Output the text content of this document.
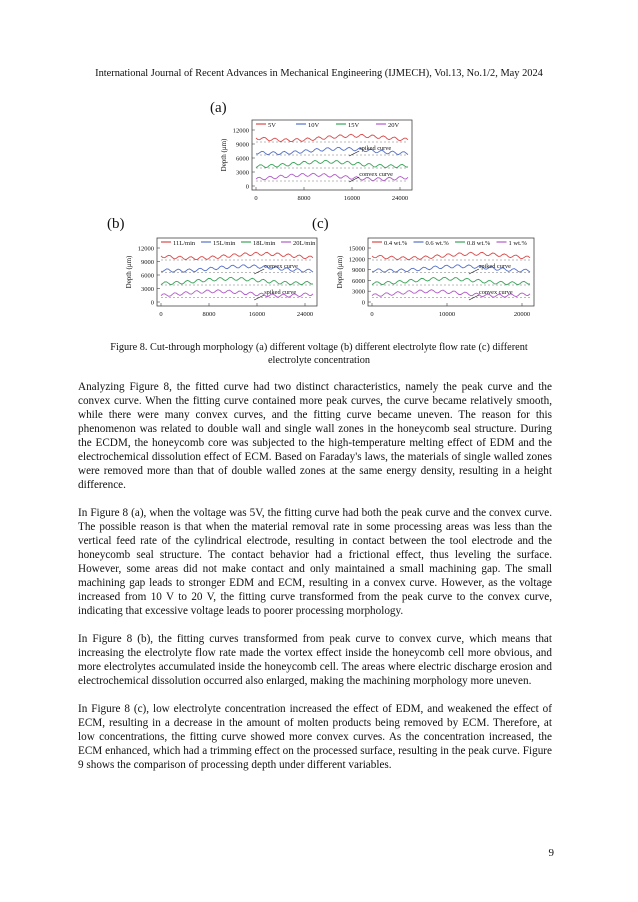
International Journal of Recent Advances in Mechanical Engineering (IJMECH), Vol.13, No.1/2, May 2024
(a)
5V	10V	15V	20V
12000
9000
6000
3000
0
0	8000	16000	24000
Depth (μm)	spiked curve
convex curve
(b)
11L/min	15L/min	18L/min	20L/min
12000
9000
6000
3000
0
0	8000	16000	24000
Depth (μm)	convex curve
spiked curve
(c)
0.4 wt.%	0.6 wt.%	0.8 wt.%	1 wt.%
15000
12000
9000
6000
3000
0
0	10000	20000
Depth (μm)	spiked curve
convex curve
Figure 8. Cut-through morphology (a) different voltage (b) different electrolyte flow rate (c) different
electrolyte concentration

Analyzing Figure 8, the fitted curve had two distinct characteristics, namely the peak curve and the convex curve. When the fitting curve contained more peak curves, the curve became relatively smooth, while there were many convex curves, and the fitting curve became uneven. The reason for this phenomenon was related to double wall and single wall zones in the honeycomb seal structure. During the ECDM, the honeycomb core was subjected to the high-temperature melting effect of EDM and the electrochemical dissolution effect of ECM. Based on Faraday's laws, the materials of single walled zones were removed more than that of double walled zones at the same energy density, resulting in a height difference.

In Figure 8 (a), when the voltage was 5V, the fitting curve had both the peak curve and the convex curve. The possible reason is that when the material removal rate in some processing areas was less than the vertical feed rate of the cylindrical electrode, resulting in contact between the tool electrode and the honeycomb seal structure. The contact behavior had a frictional effect, thus leveling the surface. However, some areas did not make contact and only maintained a small machining gap. The small machining gap leads to stronger EDM and ECM, resulting in a convex curve. However, as the voltage increased from 10 V to 20 V, the fitting curve transformed from the peak curve to the convex curve, indicating that excessive voltage leads to poorer processing morphology.

In Figure 8 (b), the fitting curves transformed from peak curve to convex curve, which means that increasing the electrolyte flow rate made the vortex effect inside the honeycomb cell more obvious, and more electrolytes accumulated inside the honeycomb cell. The areas where electric discharge erosion and electrochemical dissolution occurred also enlarged, making the machining morphology more uneven.

In Figure 8 (c), low electrolyte concentration increased the effect of EDM, and weakened the effect of ECM, resulting in a decrease in the amount of molten products being removed by ECM. Therefore, at low concentrations, the fitting curve showed more convex curves. As the concentration increased, the ECM enhanced, which had a trimming effect on the processed surface, resulting in the peak curve. Figure 9 shows the comparison of processing depth under different variables.

9
